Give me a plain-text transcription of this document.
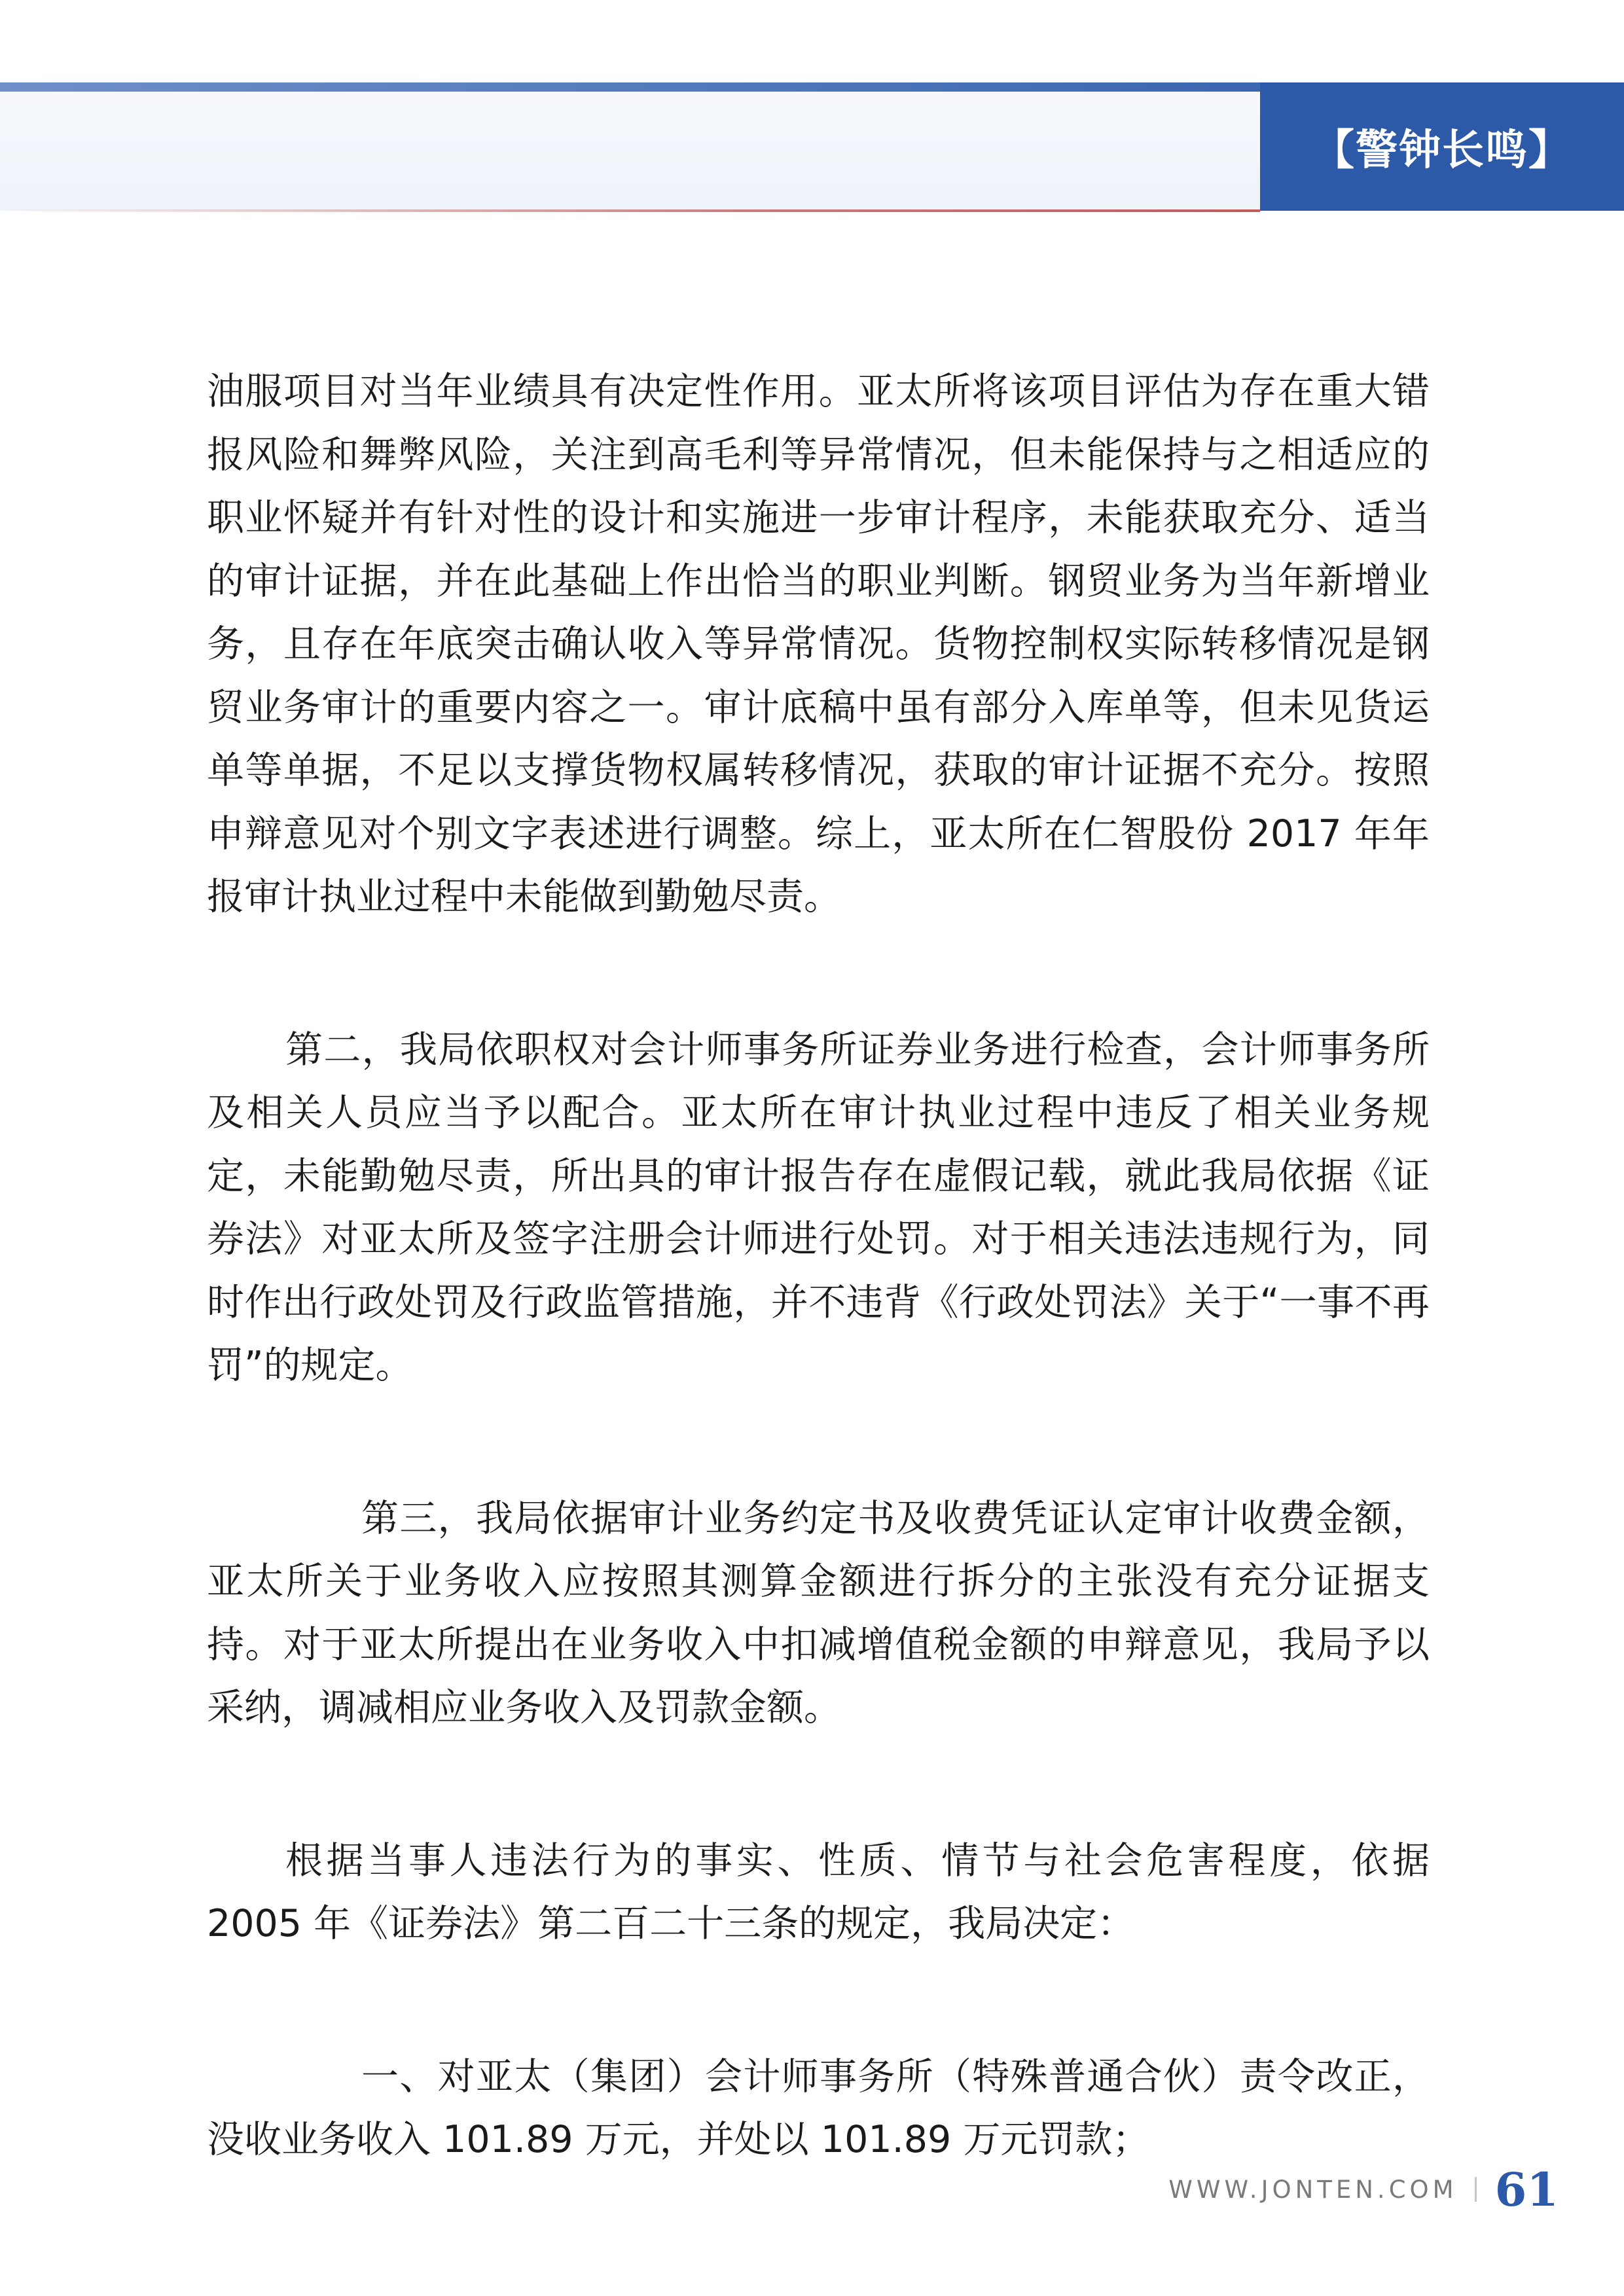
【警钟长鸣】

油服项目对当年业绩具有决定性作用。亚太所将该项目评估为存在重大错报风险和舞弊风险，关注到高毛利等异常情况，但未能保持与之相适应的职业怀疑并有针对性的设计和实施进一步审计程序，未能获取充分、适当的审计证据，并在此基础上作出恰当的职业判断。钢贸业务为当年新增业务，且存在年底突击确认收入等异常情况。货物控制权实际转移情况是钢贸业务审计的重要内容之一。审计底稿中虽有部分入库单等，但未见货运单等单据，不足以支撑货物权属转移情况，获取的审计证据不充分。按照申辩意见对个别文字表述进行调整。综上，亚太所在仁智股份 2017 年年报审计执业过程中未能做到勤勉尽责。

第二，我局依职权对会计师事务所证券业务进行检查，会计师事务所及相关人员应当予以配合。亚太所在审计执业过程中违反了相关业务规定，未能勤勉尽责，所出具的审计报告存在虚假记载，就此我局依据《证券法》对亚太所及签字注册会计师进行处罚。对于相关违法违规行为，同时作出行政处罚及行政监管措施，并不违背《行政处罚法》关于“一事不再罚”的规定。

第三，我局依据审计业务约定书及收费凭证认定审计收费金额，亚太所关于业务收入应按照其测算金额进行拆分的主张没有充分证据支持。对于亚太所提出在业务收入中扣减增值税金额的申辩意见，我局予以采纳，调减相应业务收入及罚款金额。

根据当事人违法行为的事实、性质、情节与社会危害程度，依据 2005 年《证券法》第二百二十三条的规定，我局决定：

一、对亚太（集团）会计师事务所（特殊普通合伙）责令改正，没收业务收入 101.89 万元，并处以 101.89 万元罚款；

WWW.JONTEN.COM 61
